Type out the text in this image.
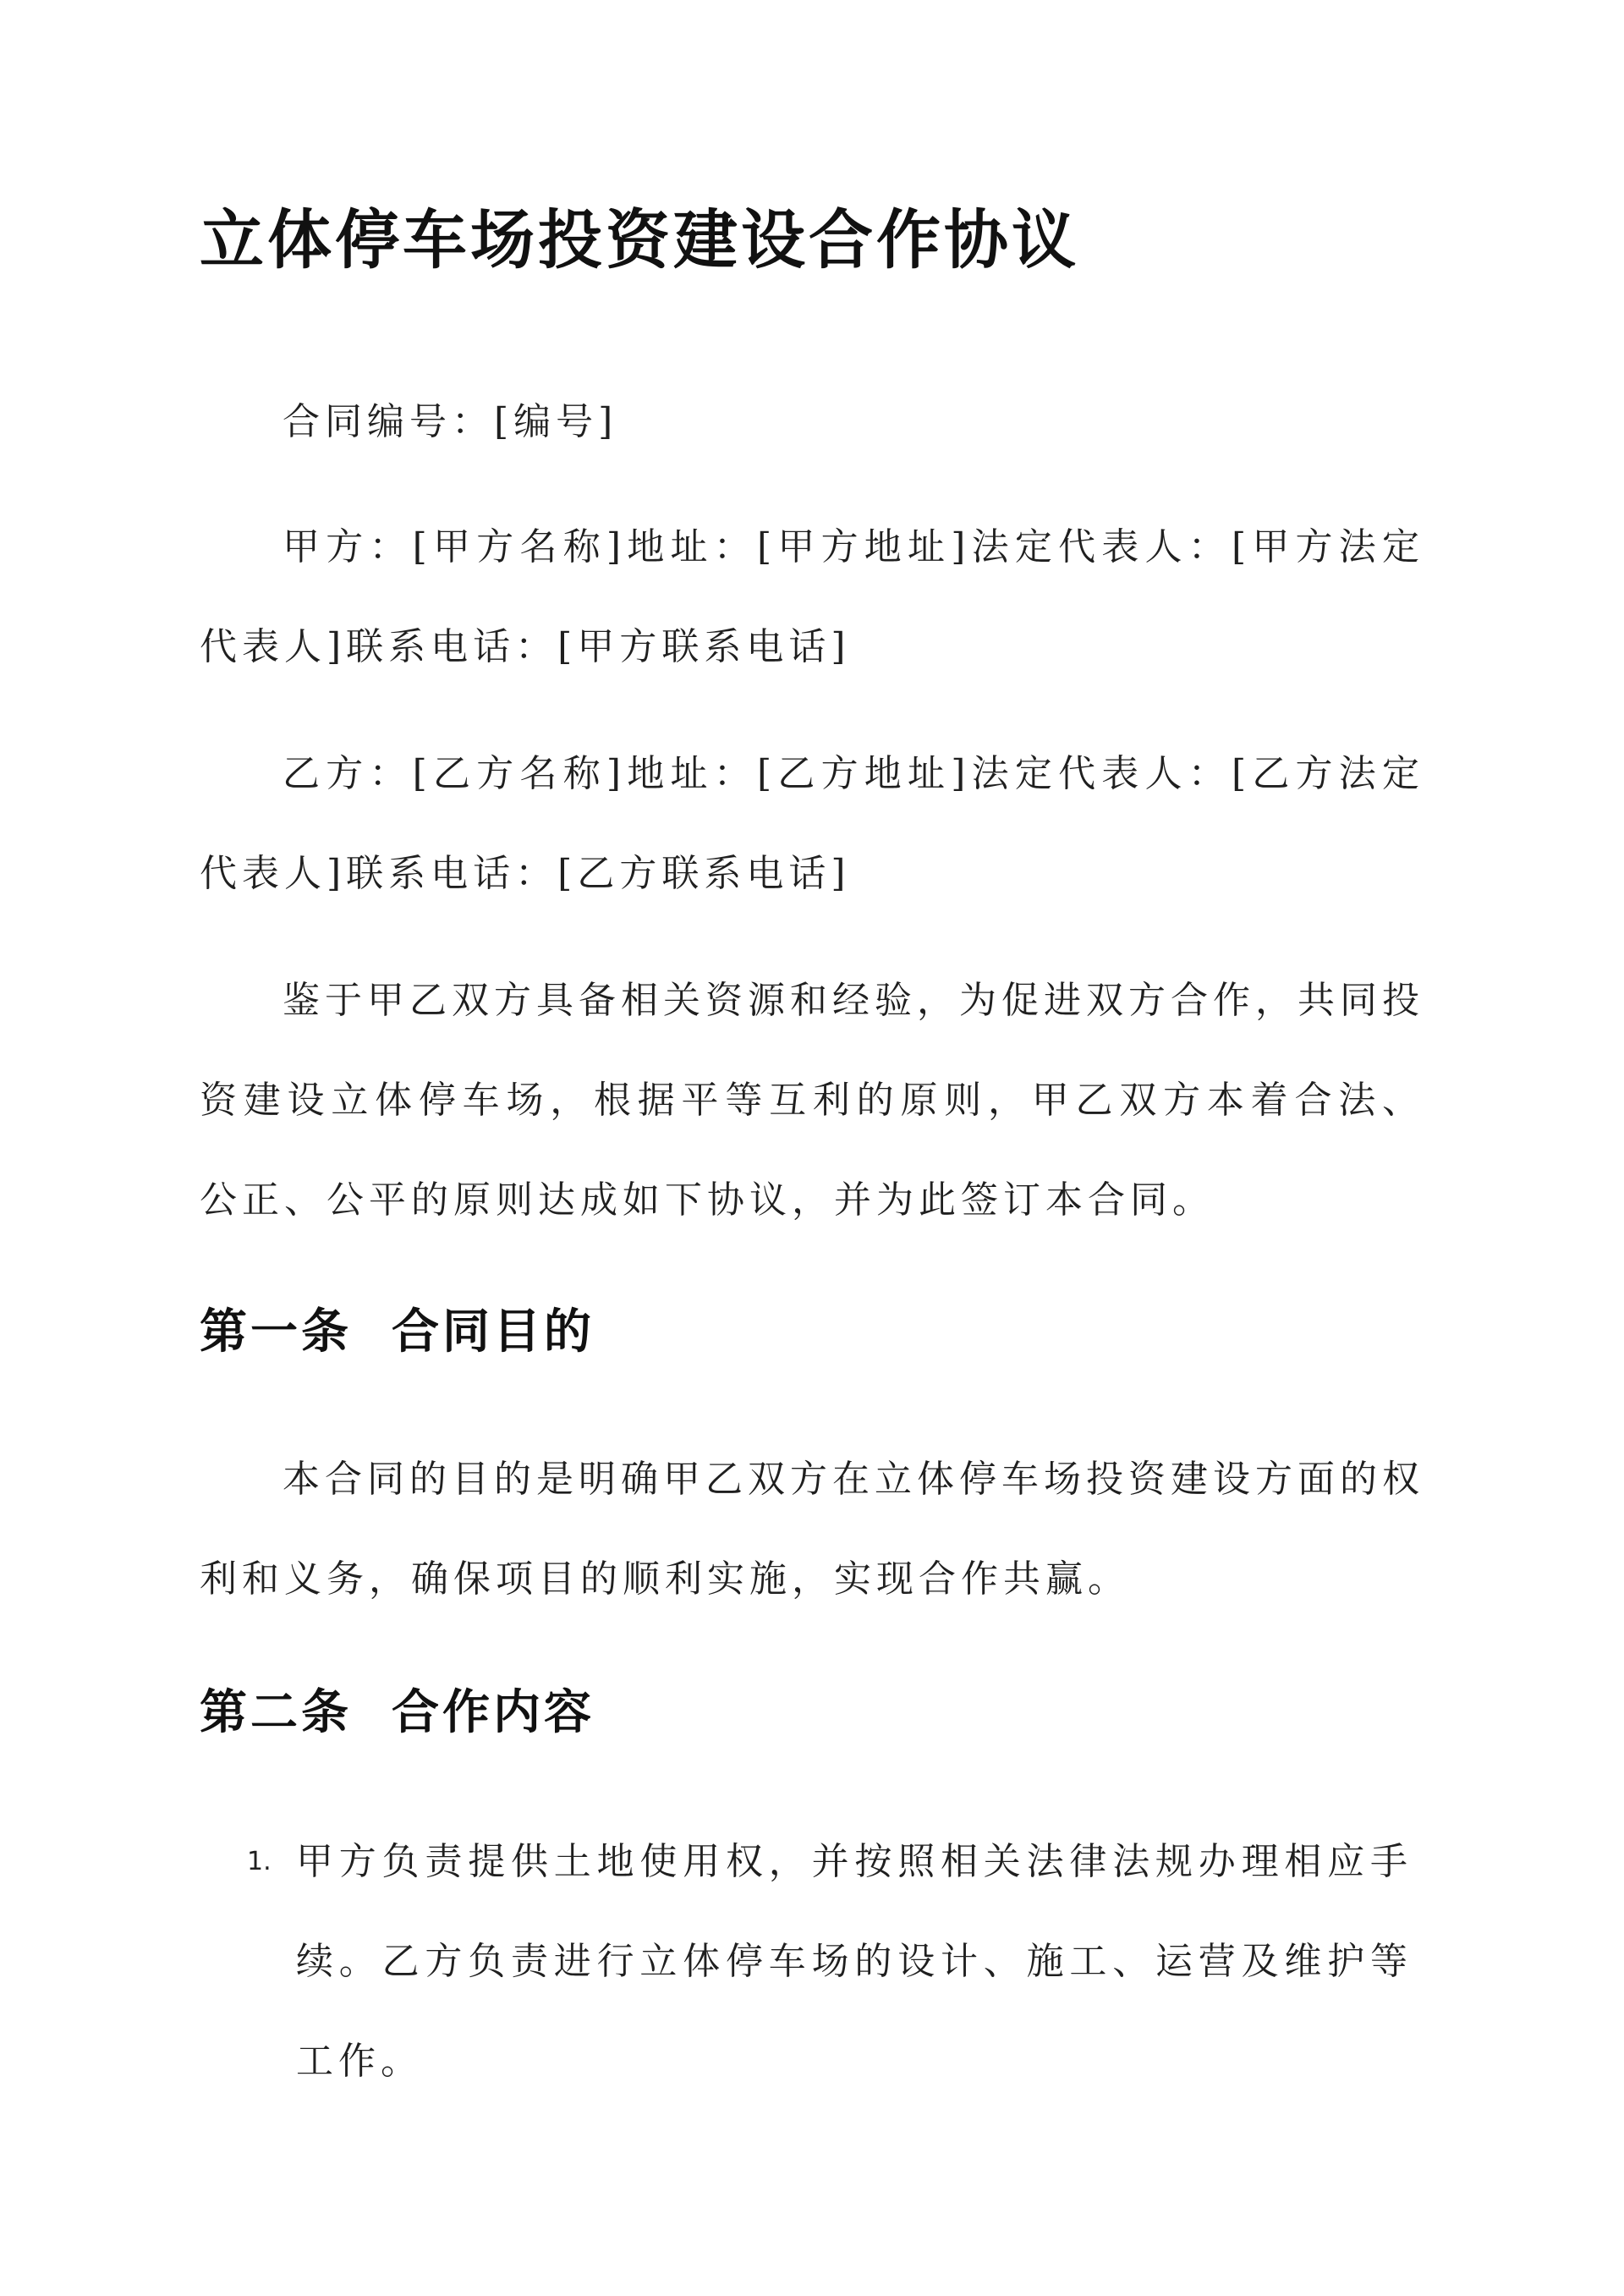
立体停车场投资建设合作协议

合同编号：[编号]

甲方：[甲方名称]地址：[甲方地址]法定代表人：[甲方法定代表人]联系电话：[甲方联系电话]

乙方：[乙方名称]地址：[乙方地址]法定代表人：[乙方法定代表人]联系电话：[乙方联系电话]

鉴于甲乙双方具备相关资源和经验，为促进双方合作，共同投资建设立体停车场，根据平等互利的原则，甲乙双方本着合法、公正、公平的原则达成如下协议，并为此签订本合同。

第一条  合同目的

本合同的目的是明确甲乙双方在立体停车场投资建设方面的权利和义务，确保项目的顺利实施，实现合作共赢。

第二条  合作内容
1. 甲方负责提供土地使用权，并按照相关法律法规办理相应手续。乙方负责进行立体停车场的设计、施工、运营及维护等工作。
